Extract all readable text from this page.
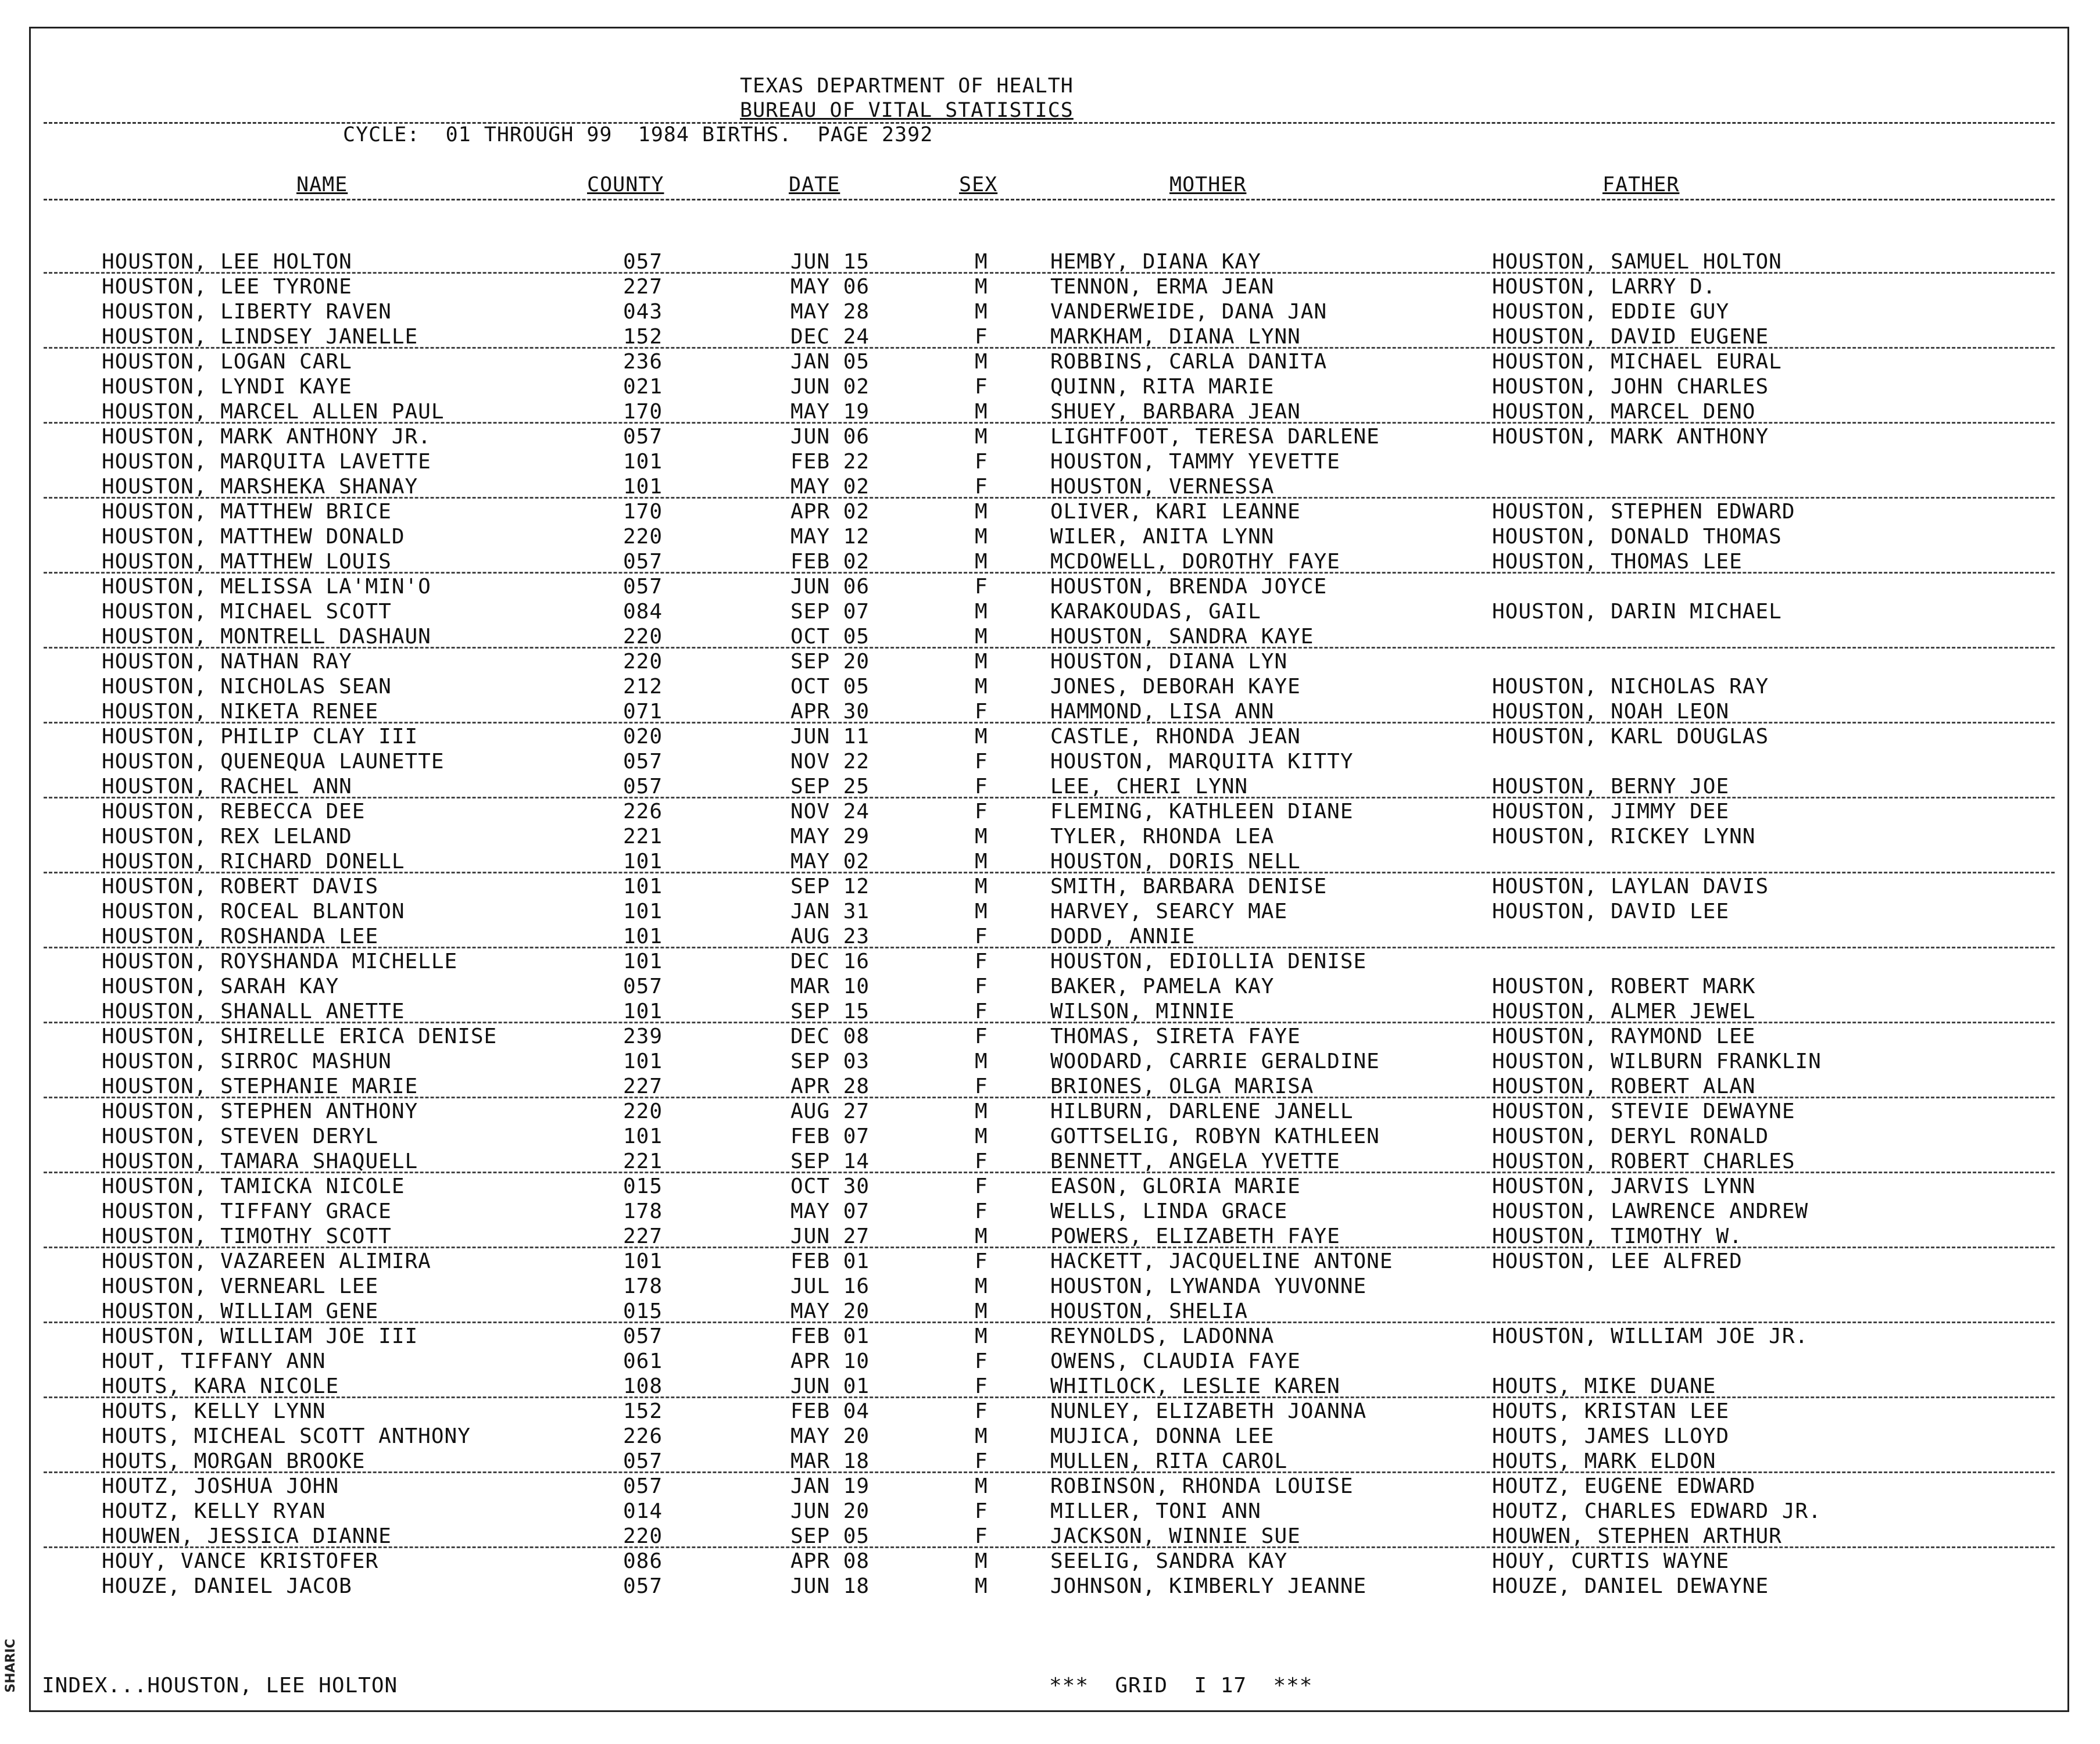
SHARIC
TEXAS DEPARTMENT OF HEALTH
BUREAU OF VITAL STATISTICS
CYCLE:  01 THROUGH 99  1984 BIRTHS.  PAGE 2392
NAME	COUNTY	DATE	SEX	MOTHER	FATHER
HOUSTON, LEE HOLTON	057	JUN 15	M	HEMBY, DIANA KAY	HOUSTON, SAMUEL HOLTON
HOUSTON, LEE TYRONE	227	MAY 06	M	TENNON, ERMA JEAN	HOUSTON, LARRY D.
HOUSTON, LIBERTY RAVEN	043	MAY 28	M	VANDERWEIDE, DANA JAN	HOUSTON, EDDIE GUY
HOUSTON, LINDSEY JANELLE	152	DEC 24	F	MARKHAM, DIANA LYNN	HOUSTON, DAVID EUGENE
HOUSTON, LOGAN CARL	236	JAN 05	M	ROBBINS, CARLA DANITA	HOUSTON, MICHAEL EURAL
HOUSTON, LYNDI KAYE	021	JUN 02	F	QUINN, RITA MARIE	HOUSTON, JOHN CHARLES
HOUSTON, MARCEL ALLEN PAUL	170	MAY 19	M	SHUEY, BARBARA JEAN	HOUSTON, MARCEL DENO
HOUSTON, MARK ANTHONY JR.	057	JUN 06	M	LIGHTFOOT, TERESA DARLENE	HOUSTON, MARK ANTHONY
HOUSTON, MARQUITA LAVETTE	101	FEB 22	F	HOUSTON, TAMMY YEVETTE
HOUSTON, MARSHEKA SHANAY	101	MAY 02	F	HOUSTON, VERNESSA
HOUSTON, MATTHEW BRICE	170	APR 02	M	OLIVER, KARI LEANNE	HOUSTON, STEPHEN EDWARD
HOUSTON, MATTHEW DONALD	220	MAY 12	M	WILER, ANITA LYNN	HOUSTON, DONALD THOMAS
HOUSTON, MATTHEW LOUIS	057	FEB 02	M	MCDOWELL, DOROTHY FAYE	HOUSTON, THOMAS LEE
HOUSTON, MELISSA LA'MIN'O	057	JUN 06	F	HOUSTON, BRENDA JOYCE
HOUSTON, MICHAEL SCOTT	084	SEP 07	M	KARAKOUDAS, GAIL	HOUSTON, DARIN MICHAEL
HOUSTON, MONTRELL DASHAUN	220	OCT 05	M	HOUSTON, SANDRA KAYE
HOUSTON, NATHAN RAY	220	SEP 20	M	HOUSTON, DIANA LYN
HOUSTON, NICHOLAS SEAN	212	OCT 05	M	JONES, DEBORAH KAYE	HOUSTON, NICHOLAS RAY
HOUSTON, NIKETA RENEE	071	APR 30	F	HAMMOND, LISA ANN	HOUSTON, NOAH LEON
HOUSTON, PHILIP CLAY III	020	JUN 11	M	CASTLE, RHONDA JEAN	HOUSTON, KARL DOUGLAS
HOUSTON, QUENEQUA LAUNETTE	057	NOV 22	F	HOUSTON, MARQUITA KITTY
HOUSTON, RACHEL ANN	057	SEP 25	F	LEE, CHERI LYNN	HOUSTON, BERNY JOE
HOUSTON, REBECCA DEE	226	NOV 24	F	FLEMING, KATHLEEN DIANE	HOUSTON, JIMMY DEE
HOUSTON, REX LELAND	221	MAY 29	M	TYLER, RHONDA LEA	HOUSTON, RICKEY LYNN
HOUSTON, RICHARD DONELL	101	MAY 02	M	HOUSTON, DORIS NELL
HOUSTON, ROBERT DAVIS	101	SEP 12	M	SMITH, BARBARA DENISE	HOUSTON, LAYLAN DAVIS
HOUSTON, ROCEAL BLANTON	101	JAN 31	M	HARVEY, SEARCY MAE	HOUSTON, DAVID LEE
HOUSTON, ROSHANDA LEE	101	AUG 23	F	DODD, ANNIE
HOUSTON, ROYSHANDA MICHELLE	101	DEC 16	F	HOUSTON, EDIOLLIA DENISE
HOUSTON, SARAH KAY	057	MAR 10	F	BAKER, PAMELA KAY	HOUSTON, ROBERT MARK
HOUSTON, SHANALL ANETTE	101	SEP 15	F	WILSON, MINNIE	HOUSTON, ALMER JEWEL
HOUSTON, SHIRELLE ERICA DENISE	239	DEC 08	F	THOMAS, SIRETA FAYE	HOUSTON, RAYMOND LEE
HOUSTON, SIRROC MASHUN	101	SEP 03	M	WOODARD, CARRIE GERALDINE	HOUSTON, WILBURN FRANKLIN
HOUSTON, STEPHANIE MARIE	227	APR 28	F	BRIONES, OLGA MARISA	HOUSTON, ROBERT ALAN
HOUSTON, STEPHEN ANTHONY	220	AUG 27	M	HILBURN, DARLENE JANELL	HOUSTON, STEVIE DEWAYNE
HOUSTON, STEVEN DERYL	101	FEB 07	M	GOTTSELIG, ROBYN KATHLEEN	HOUSTON, DERYL RONALD
HOUSTON, TAMARA SHAQUELL	221	SEP 14	F	BENNETT, ANGELA YVETTE	HOUSTON, ROBERT CHARLES
HOUSTON, TAMICKA NICOLE	015	OCT 30	F	EASON, GLORIA MARIE	HOUSTON, JARVIS LYNN
HOUSTON, TIFFANY GRACE	178	MAY 07	F	WELLS, LINDA GRACE	HOUSTON, LAWRENCE ANDREW
HOUSTON, TIMOTHY SCOTT	227	JUN 27	M	POWERS, ELIZABETH FAYE	HOUSTON, TIMOTHY W.
HOUSTON, VAZAREEN ALIMIRA	101	FEB 01	F	HACKETT, JACQUELINE ANTONE	HOUSTON, LEE ALFRED
HOUSTON, VERNEARL LEE	178	JUL 16	M	HOUSTON, LYWANDA YUVONNE
HOUSTON, WILLIAM GENE	015	MAY 20	M	HOUSTON, SHELIA
HOUSTON, WILLIAM JOE III	057	FEB 01	M	REYNOLDS, LADONNA	HOUSTON, WILLIAM JOE JR.
HOUT, TIFFANY ANN	061	APR 10	F	OWENS, CLAUDIA FAYE
HOUTS, KARA NICOLE	108	JUN 01	F	WHITLOCK, LESLIE KAREN	HOUTS, MIKE DUANE
HOUTS, KELLY LYNN	152	FEB 04	F	NUNLEY, ELIZABETH JOANNA	HOUTS, KRISTAN LEE
HOUTS, MICHEAL SCOTT ANTHONY	226	MAY 20	M	MUJICA, DONNA LEE	HOUTS, JAMES LLOYD
HOUTS, MORGAN BROOKE	057	MAR 18	F	MULLEN, RITA CAROL	HOUTS, MARK ELDON
HOUTZ, JOSHUA JOHN	057	JAN 19	M	ROBINSON, RHONDA LOUISE	HOUTZ, EUGENE EDWARD
HOUTZ, KELLY RYAN	014	JUN 20	F	MILLER, TONI ANN	HOUTZ, CHARLES EDWARD JR.
HOUWEN, JESSICA DIANNE	220	SEP 05	F	JACKSON, WINNIE SUE	HOUWEN, STEPHEN ARTHUR
HOUY, VANCE KRISTOFER	086	APR 08	M	SEELIG, SANDRA KAY	HOUY, CURTIS WAYNE
HOUZE, DANIEL JACOB	057	JUN 18	M	JOHNSON, KIMBERLY JEANNE	HOUZE, DANIEL DEWAYNE
INDEX...HOUSTON, LEE HOLTON	***  GRID  I 17  ***
